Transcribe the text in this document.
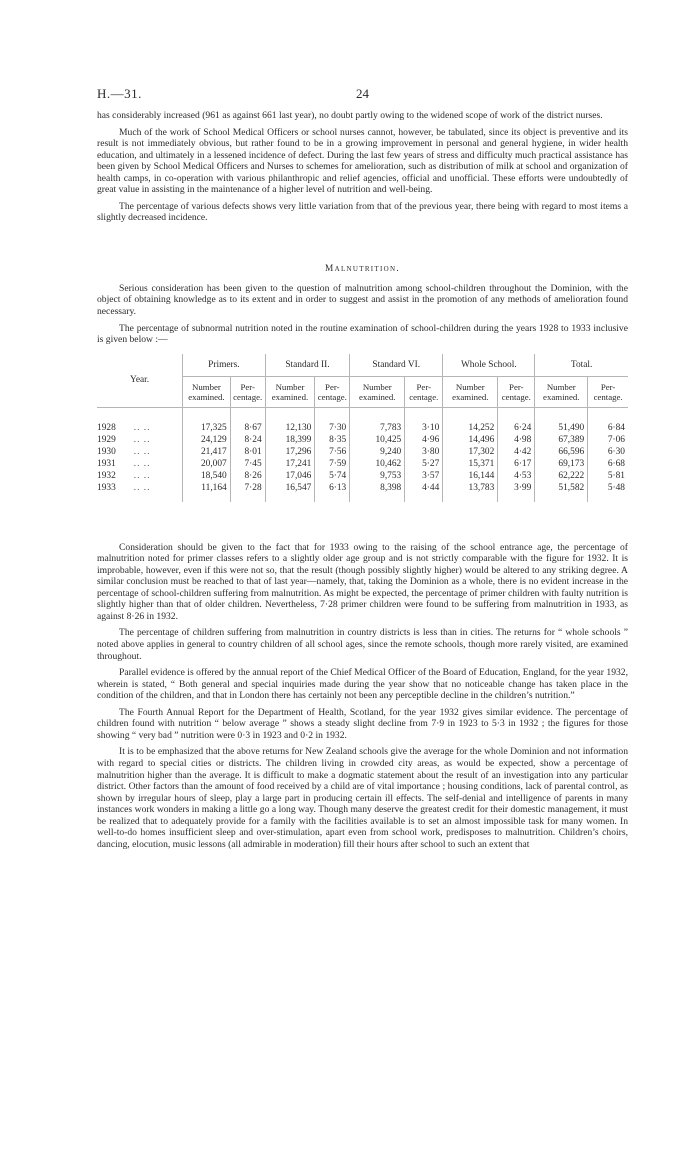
H.—31.	24

has considerably increased (961 as against 661 last year), no doubt partly owing to the widened scope of work of the district nurses.

Much of the work of School Medical Officers or school nurses cannot, however, be tabulated, since its object is preventive and its result is not immediately obvious, but rather found to be in a growing improvement in personal and general hygiene, in wider health education, and ultimately in a lessened incidence of defect. During the last few years of stress and difficulty much practical assistance has been given by School Medical Officers and Nurses to schemes for amelioration, such as distribution of milk at school and organization of health camps, in co-operation with various philanthropic and relief agencies, official and unofficial. These efforts were undoubtedly of great value in assisting in the maintenance of a higher level of nutrition and well-being.

The percentage of various defects shows very little variation from that of the previous year, there being with regard to most items a slightly decreased incidence.

Malnutrition.

Serious consideration has been given to the question of malnutrition among school-children throughout the Dominion, with the object of obtaining knowledge as to its extent and in order to suggest and assist in the promotion of any methods of amelioration found necessary.

The percentage of subnormal nutrition noted in the routine examination of school-children during the years 1928 to 1933 inclusive is given below :—

Year.	Primers.		Standard II.		Standard VI.		Whole School.		Total.	
	Number examined.	Per-centage.	Number examined.	Per-centage.	Number examined.	Per-centage.	Number examined.	Per-centage.	Number examined.	Per-centage.

1928 .. ..	17,325	8·67	12,130	7·30	7,783	3·10	14,252	6·24	51,490	6·84
1929 .. ..	24,129	8·24	18,399	8·35	10,425	4·96	14,496	4·98	67,389	7·06
1930 .. ..	21,417	8·01	17,296	7·56	9,240	3·80	17,302	4·42	66,596	6·30
1931 .. ..	20,007	7·45	17,241	7·59	10,462	5·27	15,371	6·17	69,173	6·68
1932 .. ..	18,540	8·26	17,046	5·74	9,753	3·57	16,144	4·53	62,222	5·81
1933 .. ..	11,164	7·28	16,547	6·13	8,398	4·44	13,783	3·99	51,582	5·48

Consideration should be given to the fact that for 1933 owing to the raising of the school entrance age, the percentage of malnutrition noted for primer classes refers to a slightly older age group and is not strictly comparable with the figure for 1932. It is improbable, however, even if this were not so, that the result (though possibly slightly higher) would be altered to any striking degree. A similar conclusion must be reached to that of last year—namely, that, taking the Dominion as a whole, there is no evident increase in the percentage of school-children suffering from malnutrition. As might be expected, the percentage of primer children with faulty nutrition is slightly higher than that of older children. Nevertheless, 7·28 primer children were found to be suffering from malnutrition in 1933, as against 8·26 in 1932.

The percentage of children suffering from malnutrition in country districts is less than in cities. The returns for “ whole schools ” noted above applies in general to country children of all school ages, since the remote schools, though more rarely visited, are examined throughout.

Parallel evidence is offered by the annual report of the Chief Medical Officer of the Board of Education, England, for the year 1932, wherein is stated, “ Both general and special inquiries made during the year show that no noticeable change has taken place in the condition of the children, and that in London there has certainly not been any perceptible decline in the children’s nutrition.”

The Fourth Annual Report for the Department of Health, Scotland, for the year 1932 gives similar evidence. The percentage of children found with nutrition “ below average ” shows a steady slight decline from 7·9 in 1923 to 5·3 in 1932 ; the figures for those showing “ very bad ” nutrition were 0·3 in 1923 and 0·2 in 1932.

It is to be emphasized that the above returns for New Zealand schools give the average for the whole Dominion and not information with regard to special cities or districts. The children living in crowded city areas, as would be expected, show a percentage of malnutrition higher than the average. It is difficult to make a dogmatic statement about the result of an investigation into any particular district. Other factors than the amount of food received by a child are of vital importance ; housing conditions, lack of parental control, as shown by irregular hours of sleep, play a large part in producing certain ill effects. The self-denial and intelligence of parents in many instances work wonders in making a little go a long way. Though many deserve the greatest credit for their domestic management, it must be realized that to adequately provide for a family with the facilities available is to set an almost impossible task for many women. In well-to-do homes insufficient sleep and over-stimulation, apart even from school work, predisposes to malnutrition. Children’s choirs, dancing, elocution, music lessons (all admirable in moderation) fill their hours after school to such an extent that
